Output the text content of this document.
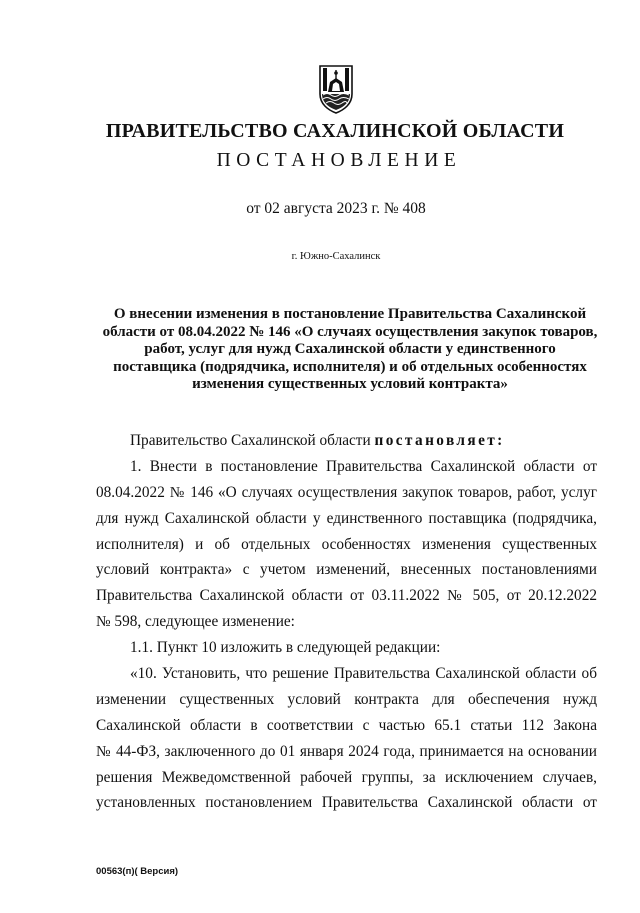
ПРАВИТЕЛЬСТВО САХАЛИНСКОЙ ОБЛАСТИ
ПОСТАНОВЛЕНИЕ
от 02 августа 2023 г. № 408
г. Южно-Сахалинск
О внесении изменения в постановление Правительства Сахалинской
области от 08.04.2022 № 146 «О случаях осуществления закупок товаров,
работ, услуг для нужд Сахалинской области у единственного
поставщика (подрядчика, исполнителя) и об отдельных особенностях
изменения существенных условий контракта»
Правительство Сахалинской области постановляет:
1. Внести в постановление Правительства Сахалинской области от
08.04.2022 № 146 «О случаях осуществления закупок товаров, работ, услуг
для нужд Сахалинской области у единственного поставщика (подрядчика,
исполнителя) и об отдельных особенностях изменения существенных
условий контракта» с учетом изменений, внесенных постановлениями
Правительства Сахалинской области от 03.11.2022 № 505, от 20.12.2022
№ 598, следующее изменение:
1.1. Пункт 10 изложить в следующей редакции:
«10. Установить, что решение Правительства Сахалинской области об
изменении существенных условий контракта для обеспечения нужд
Сахалинской области в соответствии с частью 65.1 статьи 112 Закона
№ 44-ФЗ, заключенного до 01 января 2024 года, принимается на основании
решения Межведомственной рабочей группы, за исключением случаев,
установленных постановлением Правительства Сахалинской области от
00563(п)( Версия)
